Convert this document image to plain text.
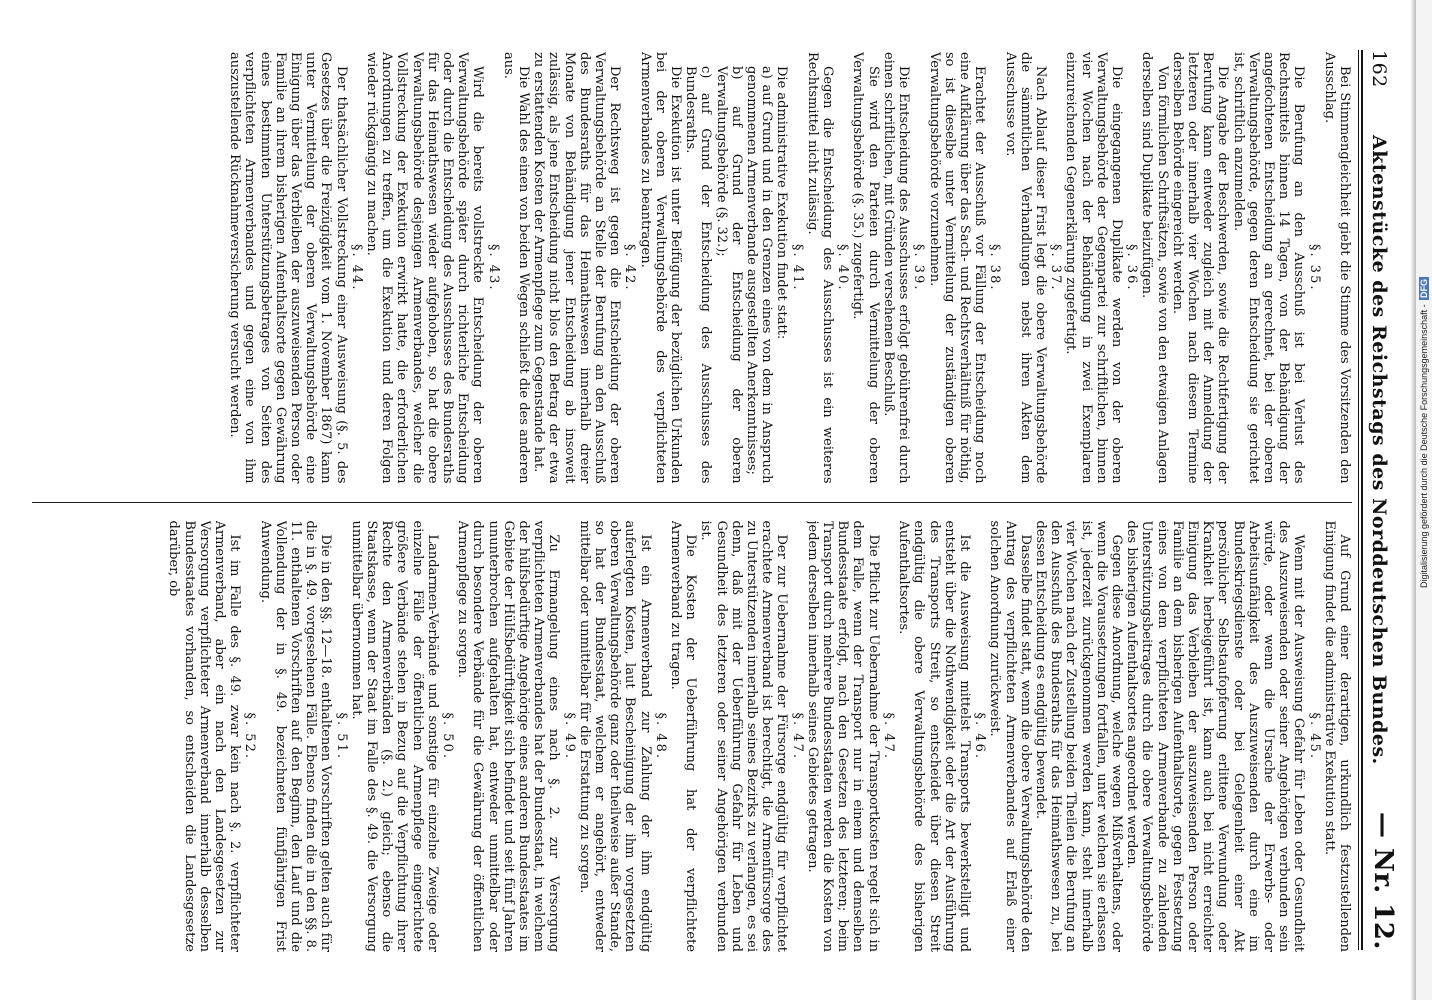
162
Aktenstücke des Reichstags des Norddeutschen Bundes.
— Nr. 12.

Bei Stimmengleichheit giebt die Stimme des Vorsitzenden den Ausschlag.

§. 35.

Die Berufung an den Ausschuß ist bei Verlust des Rechtsmittels binnen 14 Tagen, von der Behändigung der angefochtenen Entscheidung an gerechnet, bei der oberen Verwaltungsbehörde, gegen deren Entscheidung sie gerichtet ist, schriftlich anzumelden.

Die Angabe der Beschwerden, sowie die Rechtfertigung der Berufung kann entweder zugleich mit der Anmeldung der letzteren oder innerhalb vier Wochen nach diesem Termine derselben Behörde eingereicht werden.

Von förmlichen Schriftsätzen, sowie von den etwaigen Anlagen derselben sind Duplikate beizufügen.

§. 36.

Die eingegangenen Duplikate werden von der oberen Verwaltungsbehörde der Gegenpartei zur schriftlichen, binnen vier Wochen nach der Behändigung in zwei Exemplaren einzureichenden Gegenerklärung zugefertigt.

§. 37.

Nach Ablauf dieser Frist legt die obere Verwaltungsbehörde die sämmtlichen Verhandlungen nebst ihren Akten dem Ausschusse vor.

§. 38.

Erachtet der Ausschuß vor Fällung der Entscheidung noch eine Aufklärung über das Sach- und Rechtsverhältniß für nöthig, so ist dieselbe unter Vermittelung der zuständigen oberen Verwaltungsbehörde vorzunehmen.

§. 39.

Die Entscheidung des Ausschusses erfolgt gebührenfrei durch einen schriftlichen, mit Gründen versehenen Beschluß.

Sie wird den Parteien durch Vermittelung der oberen Verwaltungsbehörde (§. 35.) zugefertigt.

§. 40.

Gegen die Entscheidung des Ausschusses ist ein weiteres Rechtsmittel nicht zulässig.

§. 41.

Die administrative Exekution findet statt:

a) auf Grund und in den Grenzen eines von dem in Anspruch genommenen Armenverbande ausgestellten Anerkenntnisses;

b) auf Grund der Entscheidung der oberen Verwaltungsbehörde (§. 32.);

c) auf Grund der Entscheidung des Ausschusses des Bundesraths.

Die Exekution ist unter Beifügung der bezüglichen Urkunden bei der oberen Verwaltungsbehörde des verpflichteten Armenverbandes zu beantragen.

§. 42.

Der Rechtsweg ist gegen die Entscheidung der oberen Verwaltungsbehörde an Stelle der Berufung an den Ausschuß des Bundesraths für das Heimathswesen innerhalb dreier Monate von Behändigung jener Entscheidung ab insoweit zulässig, als jene Entscheidung nicht blos den Betrag der etwa zu erstattenden Kosten der Armenpflege zum Gegenstande hat.

Die Wahl des einen von beiden Wegen schließt die des anderen aus.

§. 43.

Wird die bereits vollstreckte Entscheidung der oberen Verwaltungsbehörde später durch richterliche Entscheidung oder durch die Entscheidung des Ausschusses des Bundesraths für das Heimathswesen wieder aufgehoben, so hat die obere Verwaltungsbehörde desjenigen Armenverbandes, welcher die Vollstreckung der Exekution erwirkt hatte, die erforderlichen Anordnungen zu treffen, um die Exekution und deren Folgen wieder rückgängig zu machen.

§. 44.

Der thatsächlicher Vollstreckung einer Ausweisung (§. 5. des Gesetzes über die Freizügigkeit vom 1. November 1867) kann unter Vermittelung der oberen Verwaltungsbehörde eine Einigung über das Verbleiben der auszuweisenden Person oder Familie an ihrem bisherigen Aufenthaltsorte gegen Gewährung eines bestimmten Unterstützungsbetrages von Seiten des verpflichteten Armenverbandes und gegen eine von ihm auszustellende Rücknahmeversicherung versucht werden.

Auf Grund einer derartigen, urkundlich festzustellenden Einigung findet die administrative Exekution statt.

§. 45.

Wenn mit der Ausweisung Gefahr für Leben oder Gesundheit des Auszuweisenden oder seiner Angehörigen verbunden sein würde, oder wenn die Ursache der Erwerbs- oder Arbeitsunfähigkeit des Auszuweisenden durch eine im Bundeskriegsdienste oder bei Gelegenheit einer Akt persönlicher Selbstaufopferung erlittene Verwundung oder Krankheit herbeigeführt ist, kann auch bei nicht erreichter Einigung das Verbleiben der auszuweisenden Person oder Familie an dem bisherigen Aufenthaltsorte, gegen Festsetzung eines von dem verpflichteten Armenverbande zu zahlenden Unterstützungsbeitrages durch die obere Verwaltungsbehörde des bisherigen Aufenthaltsortes angeordnet werden.

Gegen diese Anordnung, welche wegen Mißverhaltens, oder wenn die Voraussetzungen fortfallen, unter welchen sie erlassen ist, jederzeit zurückgenommen werden kann, steht innerhalb vier Wochen nach der Zustellung beiden Theilen die Berufung an den Ausschuß des Bundesraths für das Heimathswesen zu, bei dessen Entscheidung es endgültig bewendet.

Dasselbe findet statt, wenn die obere Verwaltungsbehörde den Antrag des verpflichteten Armenverbandes auf Erlaß einer solchen Anordnung zurückweist.

§. 46.

Ist die Ausweisung mittelst Transports bewerkstelligt und entsteht über die Nothwendigkeit oder die Art der Ausführung des Transports Streit, so entscheidet über diesen Streit endgültig die obere Verwaltungsbehörde des bisherigen Aufenthaltsortes.

§. 47.

Die Pflicht zur Uebernahme der Transportkosten regelt sich in dem Falle, wenn der Transport nur in einem und demselben Bundesstaate erfolgt, nach den Gesetzen des letzteren; beim Transport durch mehrere Bundesstaaten werden die Kosten von jedem derselben innerhalb seines Gebietes getragen.

§. 47.

Der zur Uebernahme der Fürsorge endgültig für verpflichtet erachtete Armenverband ist berechtigt, die Armenfürsorge des zu Unterstützenden innerhalb seines Bezirks zu verlangen, es sei denn, daß mit der Ueberführung Gefahr für Leben und Gesundheit des letzteren oder seiner Angehörigen verbunden ist.

Die Kosten der Ueberführung hat der verpflichtete Armenverband zu tragen.

§. 48.

Ist ein Armenverband zur Zahlung der ihm endgültig auferlegten Kosten, laut Bescheinigung der ihm vorgesetzten oberen Verwaltungsbehörde ganz oder theilweise außer Stande, so hat der Bundesstaat, welchem er angehört, entweder mittelbar oder unmittelbar für die Erstattung zu sorgen.

§. 49.

Zu Ermangelung eines nach §. 2. zur Versorgung verpflichteten Armenverbandes hat der Bundesstaat, in welchem der hülfsbedürftige Angehörige eines anderen Bundesstaates im Gebiete der Hülfsbedürftigkeit sich befindet und seit fünf Jahren ununterbrochen aufgehalten hat, entweder unmittelbar oder durch besondere Verbände für die Gewährung der öffentlichen Armenpflege zu sorgen.

§. 50.

Landarmen-Verbände und sonstige für einzelne Zweige oder einzelne Fälle der öffentlichen Armenpflege eingerichtete größere Verbände stehen in Bezug auf die Verpflichtung ihrer Rechte den Armenverbänden (§. 2.) gleich; ebenso die Staatskasse, wenn der Staat im Falle des §. 49. die Versorgung unmittelbar übernommen hat.

§. 51.

Die in den §§. 12—18. enthaltenen Vorschriften gelten auch für die in §. 49. vorgesehenen Fälle. Ebenso finden die in den §§. 8. 11. enthaltenen Vorschriften auf den Beginn, den Lauf und die Vollendung der in §. 49. bezeichneten fünfjährigen Frist Anwendung.

§. 52.

Ist im Falle des §. 49. zwar kein nach §. 2. verpflichteter Armenverband, aber ein nach den Landesgesetzen zur Versorgung verpflichteter Armenverband innerhalb desselben Bundesstaates vorhanden, so entscheiden die Landesgesetze darüber, ob	Digitalisierung gefördert durch die Deutsche Forschungsgemeinschaft -
DFG
